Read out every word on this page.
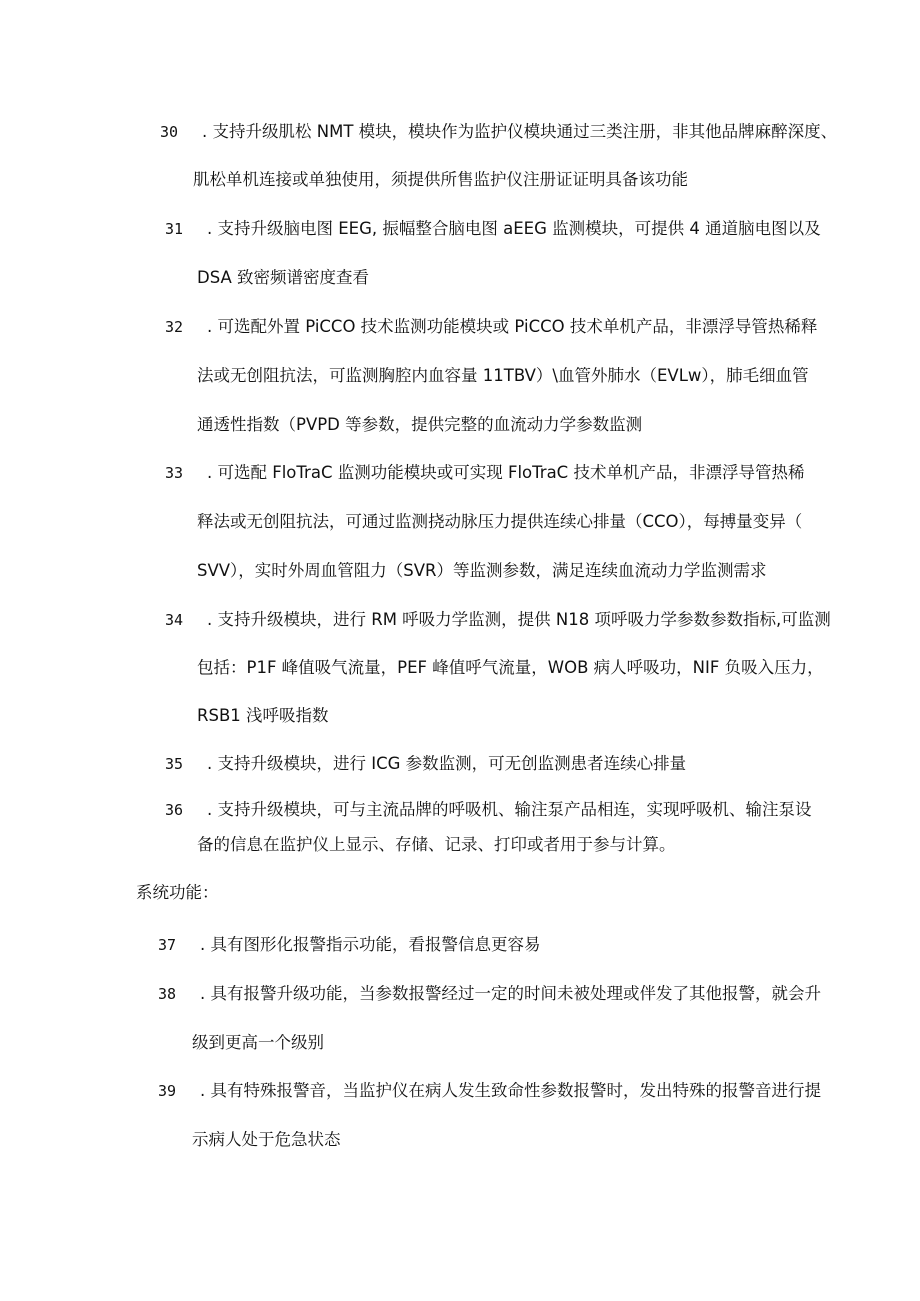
30 . 支持升级肌松 NMT 模块，模块作为监护仪模块通过三类注册，非其他品牌麻醉深度、
肌松单机连接或单独使用，须提供所售监护仪注册证证明具备该功能
31 . 支持升级脑电图 EEG, 振幅整合脑电图 aEEG 监测模块，可提供 4 通道脑电图以及
DSA 致密频谱密度查看
32 . 可选配外置 PiCCO 技术监测功能模块或 PiCCO 技术单机产品，非漂浮导管热稀释
法或无创阻抗法，可监测胸腔内血容量 11TBV）\血管外肺水（EVLw），肺毛细血管
通透性指数（PVPD 等参数，提供完整的血流动力学参数监测
33 . 可选配 FloTraC 监测功能模块或可实现 FloTraC 技术单机产品，非漂浮导管热稀
释法或无创阻抗法，可通过监测挠动脉压力提供连续心排量（CCO），每搏量变异（
SVV），实时外周血管阻力（SVR）等监测参数，满足连续血流动力学监测需求
34 . 支持升级模块，进行 RM 呼吸力学监测，提供 N18 项呼吸力学参数参数指标,可监测
包括：P1F 峰值吸气流量，PEF 峰值呼气流量，WOB 病人呼吸功，NIF 负吸入压力，
RSB1 浅呼吸指数
35 . 支持升级模块，进行 ICG 参数监测，可无创监测患者连续心排量
36 . 支持升级模块，可与主流品牌的呼吸机、输注泵产品相连，实现呼吸机、输注泵设
备的信息在监护仪上显示、存储、记录、打印或者用于参与计算。
系统功能：
37 . 具有图形化报警指示功能，看报警信息更容易
38 . 具有报警升级功能，当参数报警经过一定的时间未被处理或伴发了其他报警，就会升
级到更高一个级别
39 . 具有特殊报警音，当监护仪在病人发生致命性参数报警时，发出特殊的报警音进行提
示病人处于危急状态
